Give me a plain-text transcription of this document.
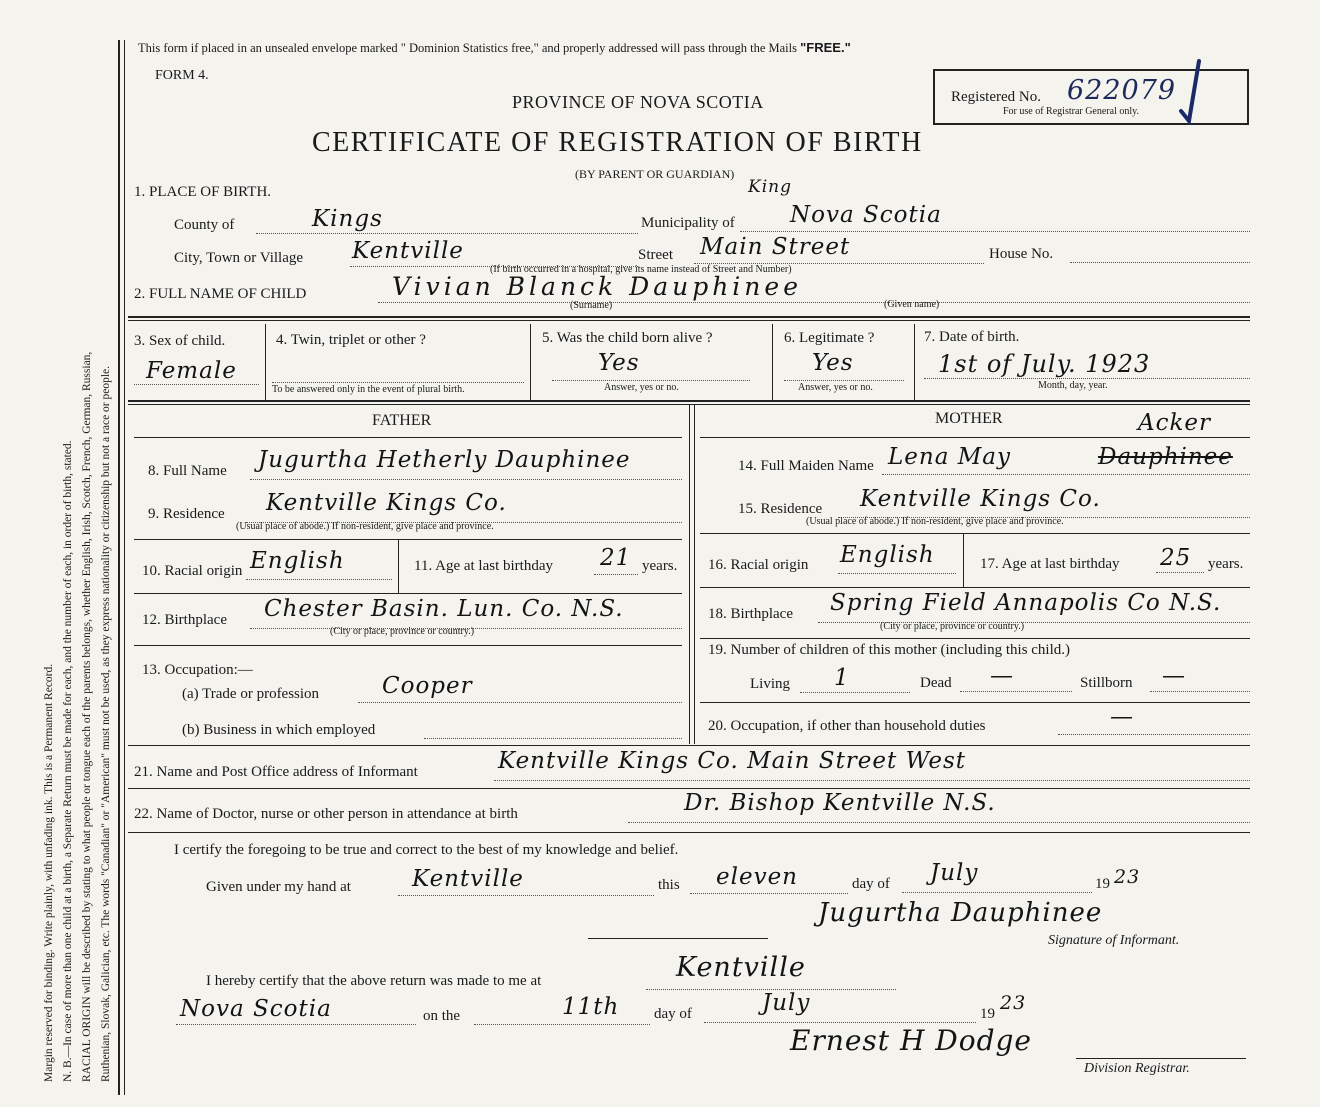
Margin reserved for binding. Write plainly, with unfading ink. This is a Permanent Record. N. B.—In case of more than one child at a birth, a Separate Return must be made for each, and the number of each, in order of birth, stated. RACIAL ORIGIN will be described by stating to what people or tongue each of the parents belongs, whether English, Irish, Scotch, French, German, Russian, Ruthenian, Slovak, Galician, etc. The words "Canadian" or "American" must not be used, as they express nationality or citizenship but not a race or people.
This form if placed in an unsealed envelope marked " Dominion Statistics free," and properly addressed will pass through the Mails "FREE."
FORM 4.
PROVINCE OF NOVA SCOTIA
CERTIFICATE OF REGISTRATION OF BIRTH
(BY PARENT OR GUARDIAN)
Registered No. 622079
For use of Registrar General only.
1. PLACE OF BIRTH.
County of	Kings	Municipality of Nova Scotia
King
City, Town or Village Kentville	Street Main Street	House No.
(If birth occurred in a hospital, give its name instead of Street and Number)
2. FULL NAME OF CHILD	Vivian Blanck Dauphinee
(Surname)	(Given name)
3. Sex of child.
Female
4. Twin, triplet or other ?
To be answered only in the event of plural birth.
5. Was the child born alive ?
Yes
Answer, yes or no.
6. Legitimate ?
Yes
Answer, yes or no.
7. Date of birth.
1st of July. 1923
Month, day, year.
FATHER
8. Full Name Jugurtha Hetherly Dauphinee
9. Residence Kentville Kings Co.
(Usual place of abode.) If non-resident, give place and province.
10. Racial origin English	11. Age at last birthday 21 years.
12. Birthplace Chester Basin. Lun. Co. N.S.
(City or place, province or country.)
13. Occupation:—
(a) Trade or profession	Cooper
(b) Business in which employed
MOTHER
14. Full Maiden Name Lena May	Dauphinee
Acker
15. Residence Kentville Kings Co.
(Usual place of abode.) If non-resident, give place and province.
16. Racial origin English	17. Age at last birthday 25 years.
18. Birthplace Spring Field Annapolis Co N.S.
(City or place, province or country.)
19. Number of children of this mother (including this child.)
Living 1	Dead —	Stillborn —
20. Occupation, if other than household duties	—
21. Name and Post Office address of Informant	Kentville Kings Co. Main Street West
22. Name of Doctor, nurse or other person in attendance at birth	Dr. Bishop Kentville N.S.
I certify the foregoing to be true and correct to the best of my knowledge and belief.
Given under my hand at	Kentville	this eleven	day of July	19 23
Jugurtha Dauphinee
Signature of Informant.
I hereby certify that the above return was made to me at	Kentville
Nova Scotia	on the	11th day of	July	19 23
Ernest H Dodge
Division Registrar.
